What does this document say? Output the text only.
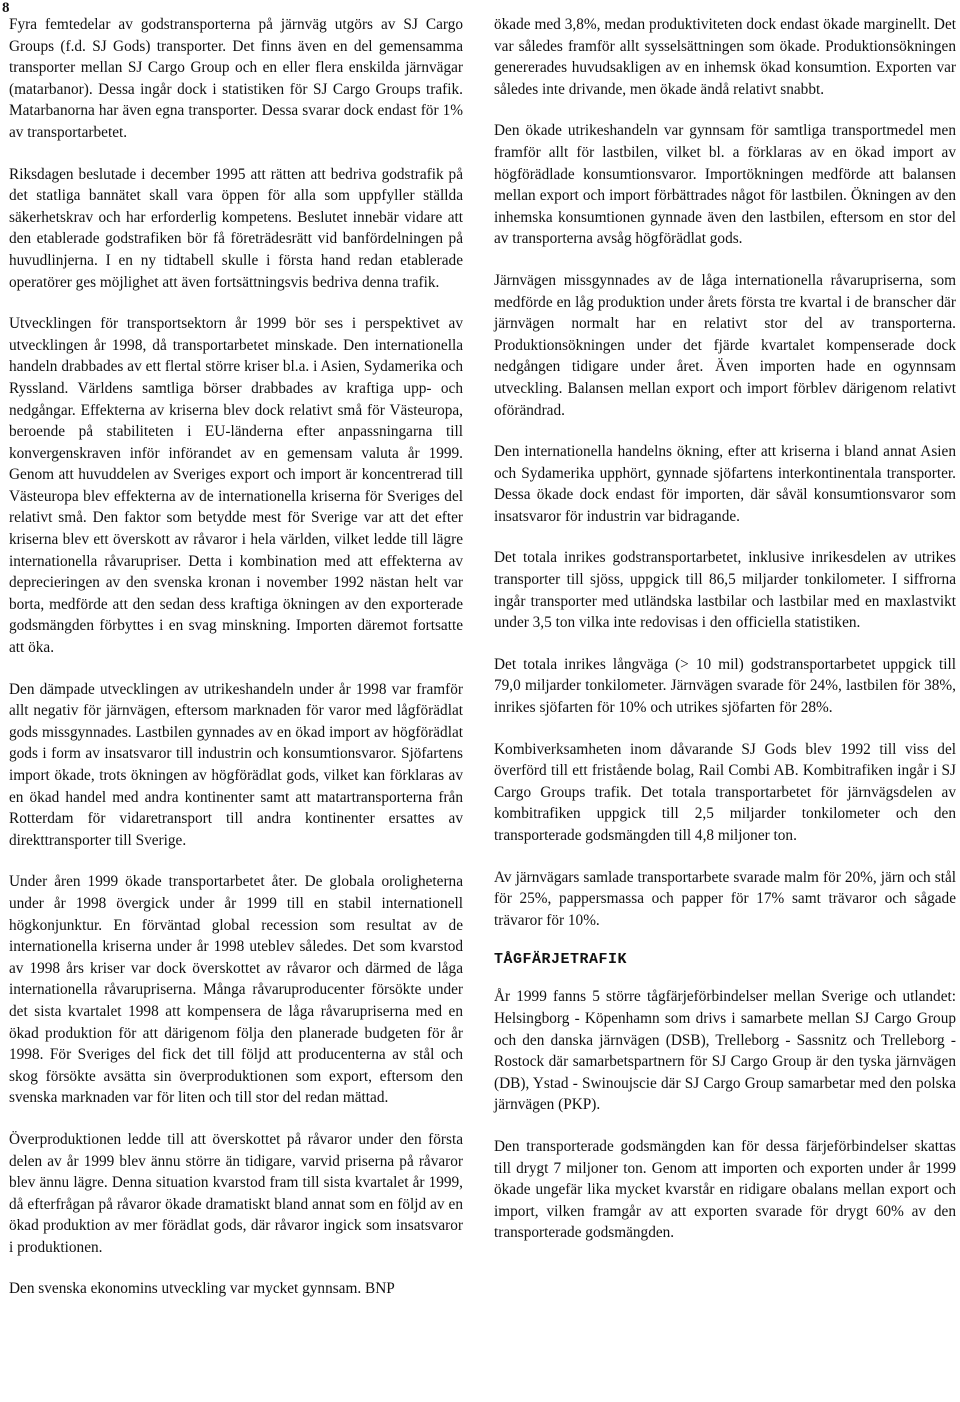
8

Fyra femtedelar av godstransporterna på järnväg utgörs av SJ Cargo Groups (f.d. SJ Gods) transporter. Det finns även en del gemensamma transporter mellan SJ Cargo Group och en eller flera enskilda järnvägar (matarbanor). Dessa ingår dock i statistiken för SJ Cargo Groups trafik. Matarbanorna har även egna transporter. Dessa svarar dock endast för 1% av transportarbetet.

Riksdagen beslutade i december 1995 att rätten att bedriva godstrafik på det statliga bannätet skall vara öppen för alla som uppfyller ställda säkerhetskrav och har erforderlig kompetens. Beslutet innebär vidare att den etablerade godstrafiken bör få företrädesrätt vid banfördelningen på huvudlinjerna. I en ny tidtabell skulle i första hand redan etablerade operatörer ges möjlighet att även fortsättningsvis bedriva denna trafik.

Utvecklingen för transportsektorn år 1999 bör ses i perspektivet av utvecklingen år 1998, då transportarbetet minskade. Den internationella handeln drabbades av ett flertal större kriser bl.a. i Asien, Sydamerika och Ryssland. Världens samtliga börser drabbades av kraftiga upp- och nedgångar. Effekterna av kriserna blev dock relativt små för Västeuropa, beroende på stabiliteten i EU-länderna efter anpassningarna till konvergenskraven inför införandet av en gemensam valuta år 1999. Genom att huvuddelen av Sveriges export och import är koncentrerad till Västeuropa blev effekterna av de internationella kriserna för Sveriges del relativt små. Den faktor som betydde mest för Sverige var att det efter kriserna blev ett överskott av råvaror i hela världen, vilket ledde till lägre internationella råvarupriser. Detta i kombination med att effekterna av deprecieringen av den svenska kronan i november 1992 nästan helt var borta, medförde att den sedan dess kraftiga ökningen av den exporterade godsmängden förbyttes i en svag minskning. Importen däremot fortsatte att öka.

Den dämpade utvecklingen av utrikeshandeln under år 1998 var framför allt negativ för järnvägen, eftersom marknaden för varor med lågförädlat gods missgynnades. Lastbilen gynnades av en ökad import av högförädlat gods i form av insatsvaror till industrin och konsumtionsvaror. Sjöfartens import ökade, trots ökningen av högförädlat gods, vilket kan förklaras av en ökad handel med andra kontinenter samt att matartransporterna från Rotterdam för vidaretransport till andra kontinenter ersattes av direkttransporter till Sverige.

Under åren 1999 ökade transportarbetet åter. De globala oroligheterna under år 1998 övergick under år 1999 till en stabil internationell högkonjunktur. En förväntad global recession som resultat av de internationella kriserna under år 1998 uteblev således. Det som kvarstod av 1998 års kriser var dock överskottet av råvaror och därmed de låga internationella råvarupriserna. Många råvaruproducenter försökte under det sista kvartalet 1998 att kompensera de låga råvarupriserna med en ökad produktion för att därigenom följa den planerade budgeten för år 1998. För Sveriges del fick det till följd att producenterna av stål och skog försökte avsätta sin överproduktionen som export, eftersom den svenska marknaden var för liten och till stor del redan mättad.

Överproduktionen ledde till att överskottet på råvaror under den första delen av år 1999 blev ännu större än tidigare, varvid priserna på råvaror blev ännu lägre. Denna situation kvarstod fram till sista kvartalet år 1999, då efterfrågan på råvaror ökade dramatiskt bland annat som en följd av en ökad produktion av mer förädlat gods, där råvaror ingick som insatsvaror i produktionen.

Den svenska ekonomins utveckling var mycket gynnsam. BNP

ökade med 3,8%, medan produktiviteten dock endast ökade marginellt. Det var således framför allt sysselsättningen som ökade. Produktionsökningen genererades huvudsakligen av en inhemsk ökad konsumtion. Exporten var således inte drivande, men ökade ändå relativt snabbt.

Den ökade utrikeshandeln var gynnsam för samtliga transportmedel men framför allt för lastbilen, vilket bl. a förklaras av en ökad import av högförädlade konsumtionsvaror. Importökningen medförde att balansen mellan export och import förbättrades något för lastbilen. Ökningen av den inhemska konsumtionen gynnade även den lastbilen, eftersom en stor del av transporterna avsåg högförädlat gods.

Järnvägen missgynnades av de låga internationella råvarupriserna, som medförde en låg produktion under årets första tre kvartal i de branscher där järnvägen normalt har en relativt stor del av transporterna. Produktionsökningen under det fjärde kvartalet kompenserade dock nedgången tidigare under året. Även importen hade en ogynnsam utveckling. Balansen mellan export och import förblev därigenom relativt oförändrad.

Den internationella handelns ökning, efter att kriserna i bland annat Asien och Sydamerika upphört, gynnade sjöfartens interkontinentala transporter. Dessa ökade dock endast för importen, där såväl konsumtionsvaror som insatsvaror för industrin var bidragande.

Det totala inrikes godstransportarbetet, inklusive inrikesdelen av utrikes transporter till sjöss, uppgick till 86,5 miljarder tonkilometer. I siffrorna ingår transporter med utländska lastbilar och lastbilar med en maxlastvikt under 3,5 ton vilka inte redovisas i den officiella statistiken.

Det totala inrikes långväga (> 10 mil) godstransportarbetet uppgick till 79,0 miljarder tonkilometer. Järnvägen svarade för 24%, lastbilen för 38%, inrikes sjöfarten för 10% och utrikes sjöfarten för 28%.

Kombiverksamheten inom dåvarande SJ Gods blev 1992 till viss del överförd till ett fristående bolag, Rail Combi AB. Kombitrafiken ingår i SJ Cargo Groups trafik. Det totala transportarbetet för järnvägsdelen av kombitrafiken uppgick till 2,5 miljarder tonkilometer och den transporterade godsmängden till 4,8 miljoner ton.

Av järnvägars samlade transportarbete svarade malm för 20%, järn och stål för 25%, pappersmassa och papper för 17% samt trävaror och sågade trävaror för 10%.

TÅGFÄRJETRAFIK

År 1999 fanns 5 större tågfärjeförbindelser mellan Sverige och utlandet: Helsingborg - Köpenhamn som drivs i samarbete mellan SJ Cargo Group och den danska järnvägen (DSB), Trelleborg - Sassnitz och Trelleborg - Rostock där samarbetspartnern för SJ Cargo Group är den tyska järnvägen (DB), Ystad - Swinoujscie där SJ Cargo Group samarbetar med den polska järnvägen (PKP).

Den transporterade godsmängden kan för dessa färjeförbindelser skattas till drygt 7 miljoner ton. Genom att importen och exporten under år 1999 ökade ungefär lika mycket kvarstår en ridigare obalans mellan export och import, vilken framgår av att exporten svarade för drygt 60% av den transporterade godsmängden.
